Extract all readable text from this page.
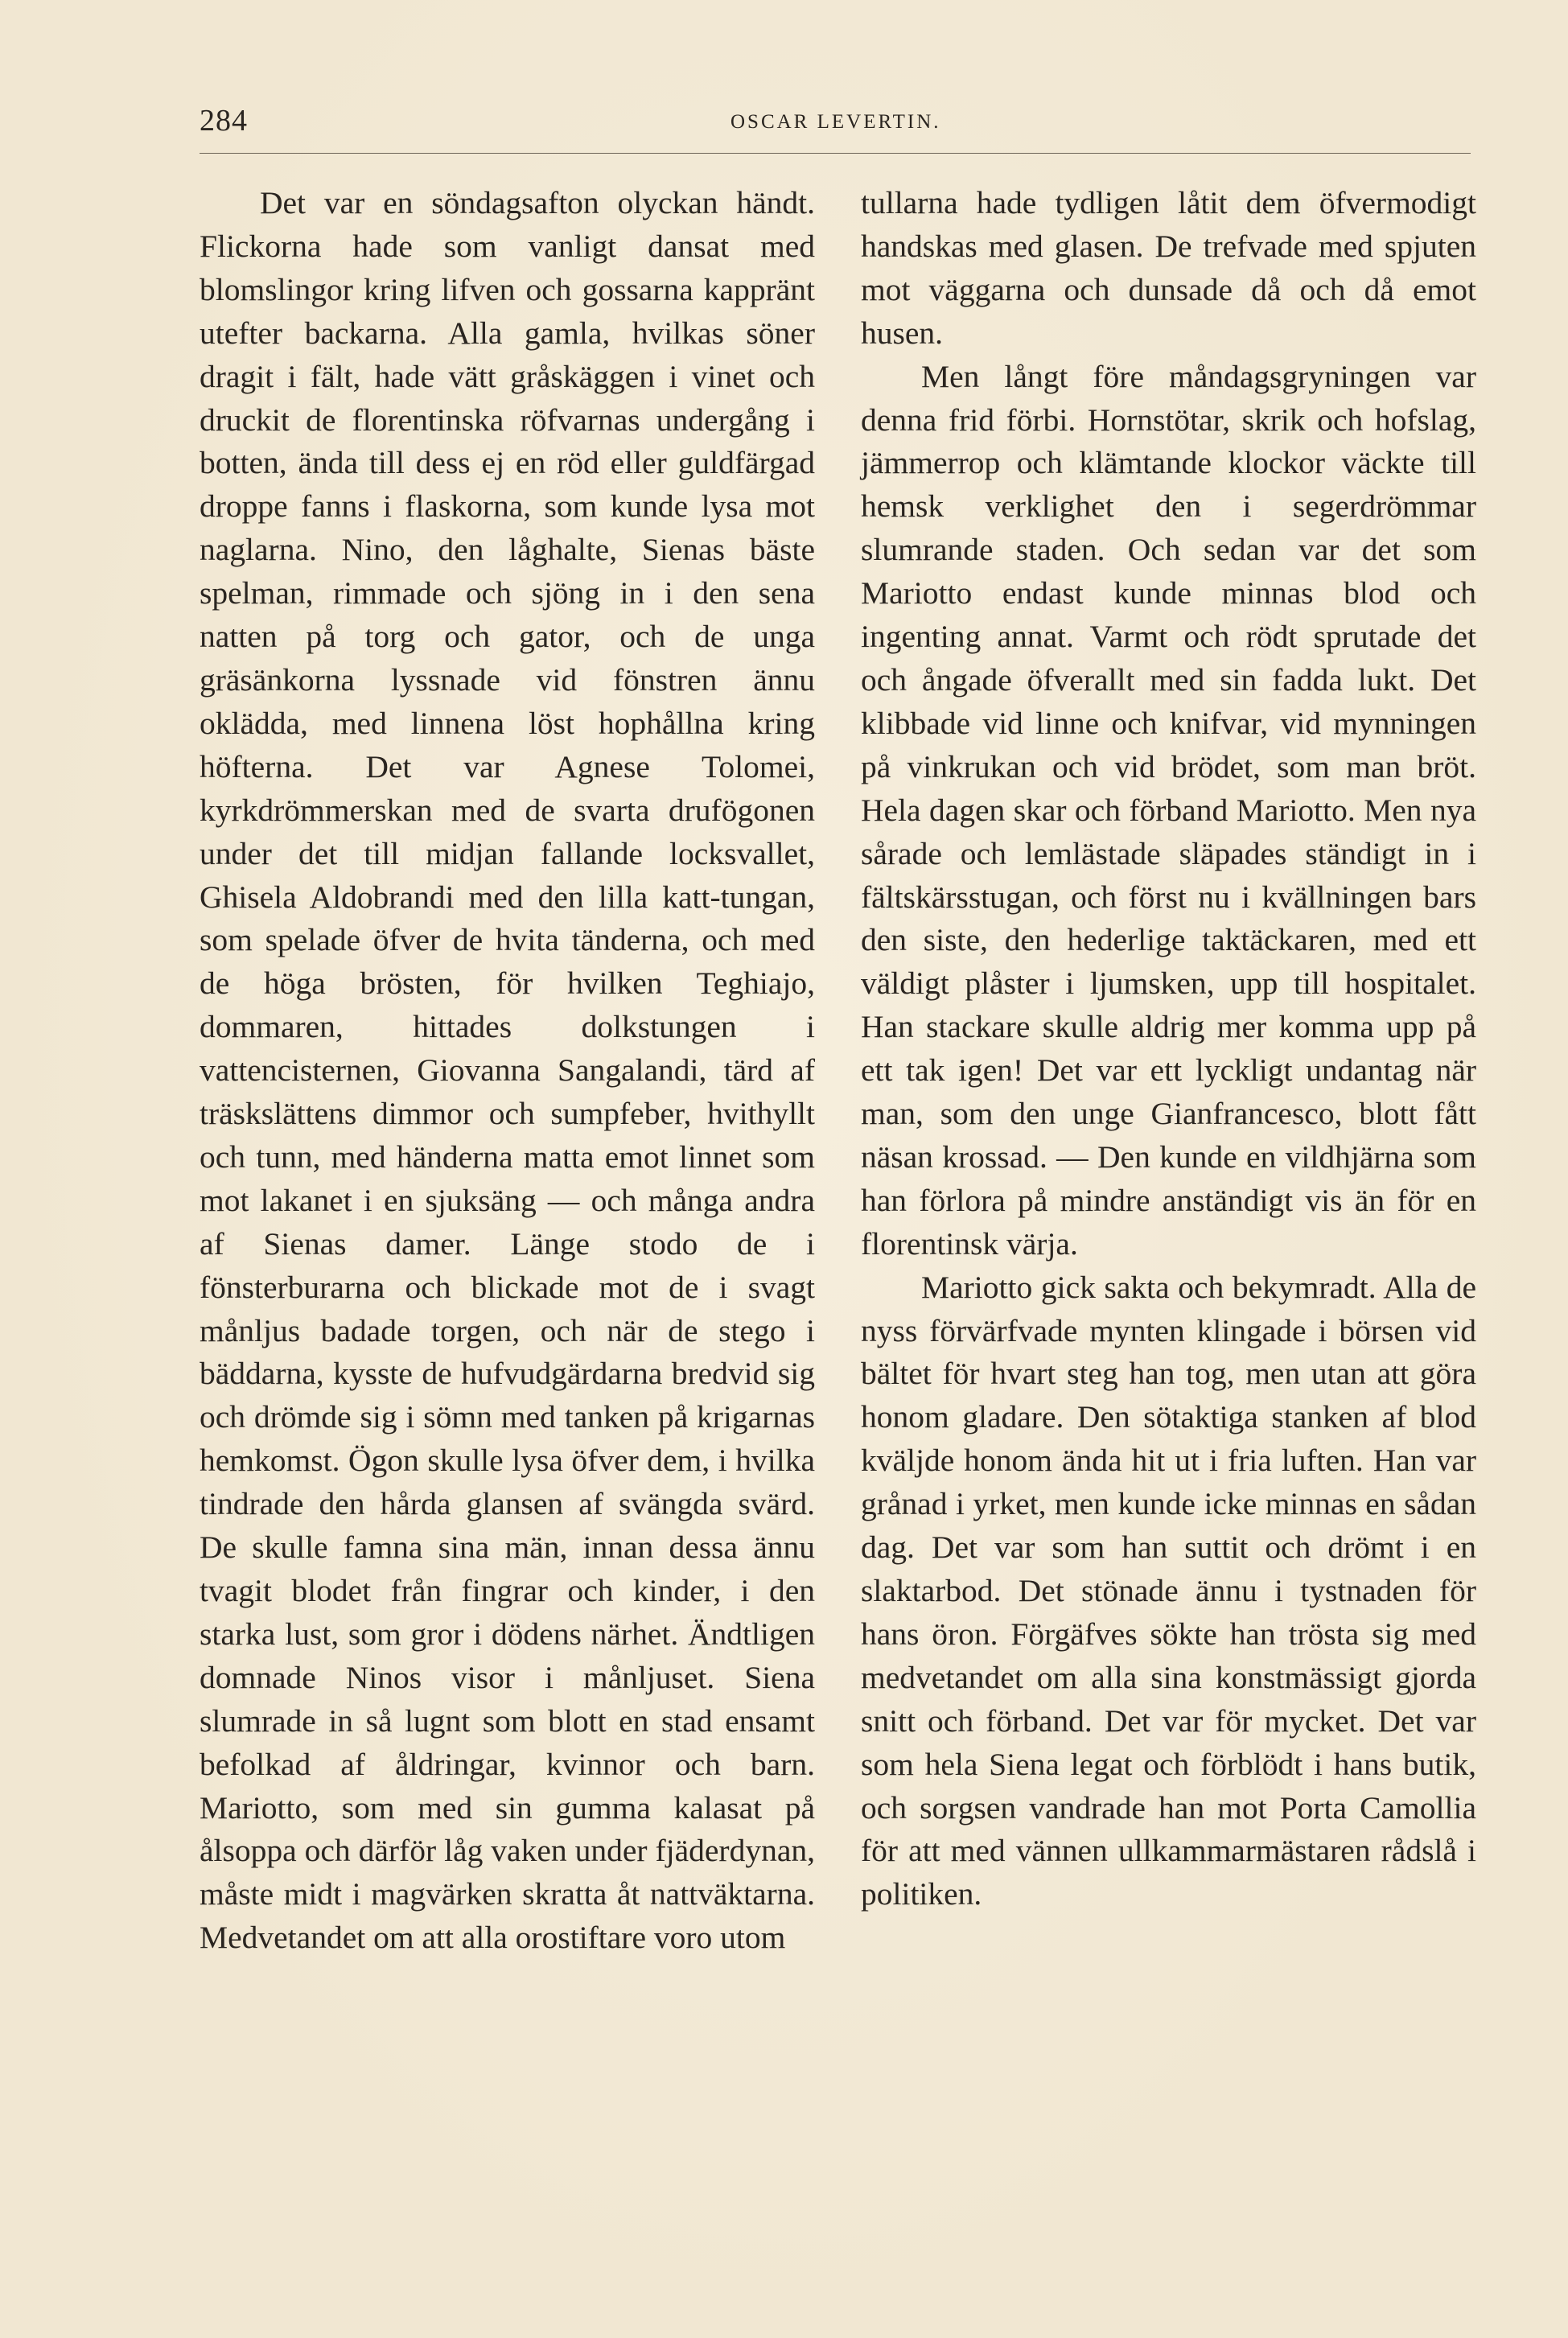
284	OSCAR LEVERTIN.

Det var en söndagsafton olyckan händt. Flickorna hade som vanligt dansat med blomslingor kring lifven och gossarna kappränt utefter backarna. Alla gamla, hvilkas söner dragit i fält, hade vätt gråskäggen i vinet och druckit de florentinska röfvarnas undergång i botten, ända till dess ej en röd eller guldfärgad droppe fanns i flaskorna, som kunde lysa mot naglarna. Nino, den låghalte, Sienas bäste spelman, rimmade och sjöng in i den sena natten på torg och gator, och de unga gräsänkorna lyssnade vid fönstren ännu okläddа, med linnena löst hophållna kring höfterna. Det var Agnese Tolomei, kyrkdrömmerskan med de svarta drufögonen under det till midjan fallande locksvallet, Ghisela Aldobrandi med den lilla katt-tungan, som spelade öfver de hvita tänderna, och med de höga brösten, för hvilken Teghiajo, dommaren, hittades dolkstungen i vattencisternen, Giovanna Sangalandi, tärd af träskslättens dimmor och sumpfeber, hvithyllt och tunn, med händerna matta emot linnet som mot lakanet i en sjuksäng — och många andra af Sienas damer. Länge stodo de i fönsterburarna och blickade mot de i svagt månljus badade torgen, och när de stego i bäddarna, kysste de hufvudgärdarna bredvid sig och drömde sig i sömn med tanken på krigarnas hemkomst. Ögon skulle lysa öfver dem, i hvilka tindrade den hårda glansen af svängda svärd. De skulle famna sina män, innan dessa ännu tvagit blodet från fingrar och kinder, i den starka lust, som gror i dödens närhet. Ändtligen domnade Ninos visor i månljuset. Siena slumrade in så lugnt som blott en stad ensamt befolkad af åldringar, kvinnor och barn. Mariotto, som med sin gumma kalasat på ålsoppa och därför låg vaken under fjäderdynan, måste midt i magvärken skratta åt nattväktarna. Medvetandet om att alla orostiftare voro utom

tullarna hade tydligen låtit dem öfvermodigt handskas med glasen. De trefvade med spjuten mot väggarna och dunsade då och då emot husen.

Men långt före måndagsgryningen var denna frid förbi. Hornstötar, skrik och hofslag, jämmerrop och klämtande klockor väckte till hemsk verklighet den i segerdrömmar slumrande staden. Och sedan var det som Mariotto endast kunde minnas blod och ingenting annat. Varmt och rödt sprutade det och ångade öfverallt med sin fadda lukt. Det klibbade vid linne och knifvar, vid mynningen på vinkrukan och vid brödet, som man bröt. Hela dagen skar och förband Mariotto. Men nya sårade och lemlästade släpades ständigt in i fältskärsstugan, och först nu i kvällningen bars den siste, den hederlige taktäckaren, med ett väldigt plåster i ljumsken, upp till hospitalet. Han stackare skulle aldrig mer komma upp på ett tak igen! Det var ett lyckligt undantag när man, som den unge Gianfrancesco, blott fått näsan krossad. — Den kunde en vildhjärna som han förlora på mindre anständigt vis än för en florentinsk värja.

Mariotto gick sakta och bekymradt. Alla de nyss förvärfvade mynten klingade i börsen vid bältet för hvart steg han tog, men utan att göra honom gladare. Den sötaktiga stanken af blod kväljde honom ända hit ut i fria luften. Han var grånad i yrket, men kunde icke minnas en sådan dag. Det var som han suttit och drömt i en slaktarbod. Det stönade ännu i tystnaden för hans öron. Förgäfves sökte han trösta sig med medvetandet om alla sina konstmässigt gjorda snitt och förband. Det var för mycket. Det var som hela Siena legat och förblödt i hans butik, och sorgsen vandrade han mot Porta Camollia för att med vännen ullkammarmästaren rådslå i politiken.
